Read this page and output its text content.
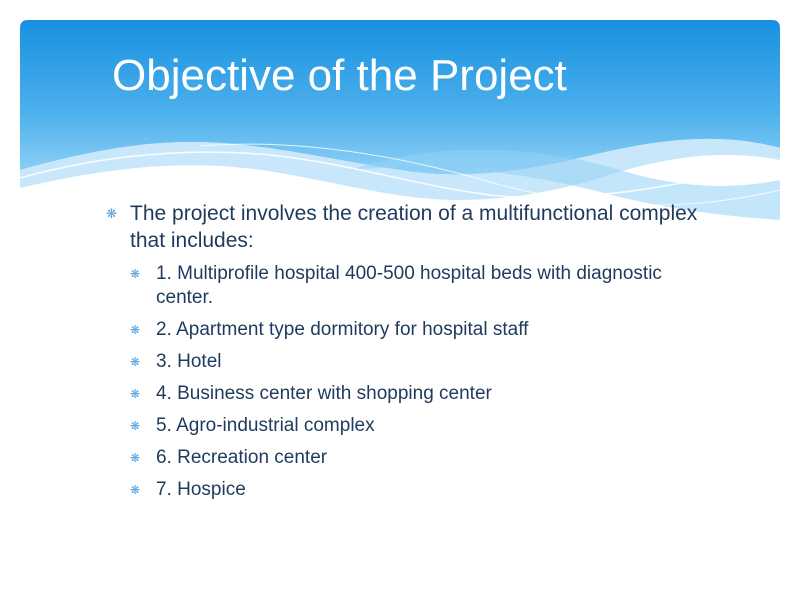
Objective of the Project
❋ The project involves the creation of a multifunctional complex that includes:
❋ 1. Multiprofile hospital 400-500 hospital beds with diagnostic center.
❋ 2. Apartment type dormitory for hospital staff
❋ 3. Hotel
❋ 4. Business center with shopping center
❋ 5. Agro-industrial complex
❋ 6. Recreation center
❋ 7. Hospice
